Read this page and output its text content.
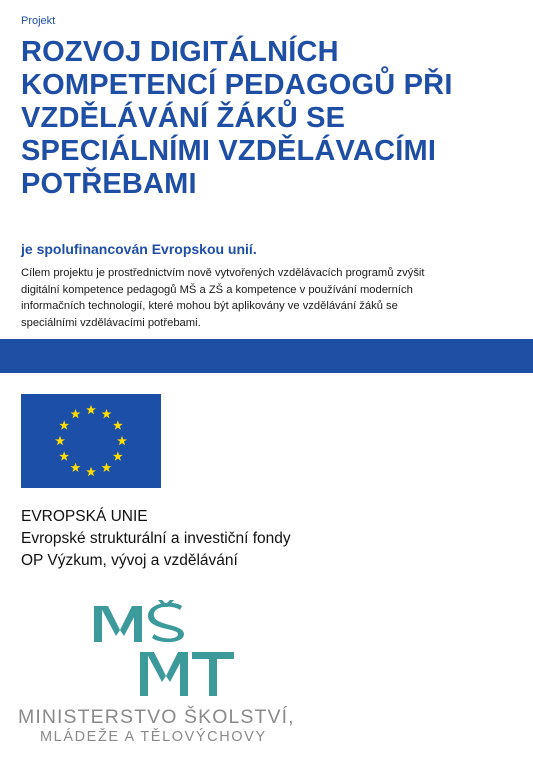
Projekt
ROZVOJ DIGITÁLNÍCH
KOMPETENCÍ PEDAGOGŮ PŘI
VZDĚLÁVÁNÍ ŽÁKŮ SE
SPECIÁLNÍMI VZDĚLÁVACÍMI
POTŘEBAMI
je spolufinancován Evropskou unií.
Cílem projektu je prostřednictvím nově vytvořených vzdělávacích programů zvýšit
digitální kompetence pedagogů MŠ a ZŠ a kompetence v používání moderních
informačních technologií, které mohou být aplikovány ve vzdělávání žáků se
speciálními vzdělávacími potřebami.
EVROPSKÁ UNIE
Evropské strukturální a investiční fondy
OP Výzkum, vývoj a vzdělávání
MINISTERSTVO ŠKOLSTVÍ,
MLÁDEŽE A TĚLOVÝCHOVY
